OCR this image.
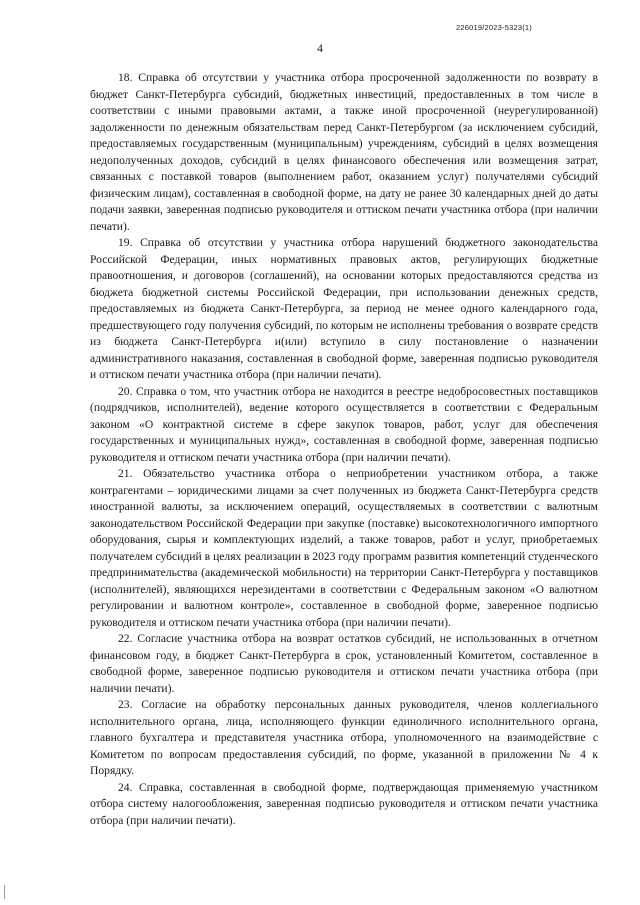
226019/2023-5323(1)
4

18. Справка об отсутствии у участника отбора просроченной задолженности по возврату в бюджет Санкт-Петербурга субсидий, бюджетных инвестиций, предоставленных в том числе в соответствии с иными правовыми актами, а также иной просроченной (неурегулированной) задолженности по денежным обязательствам перед Санкт-Петербургом (за исключением субсидий, предоставляемых государственным (муниципальным) учреждениям, субсидий в целях возмещения недополученных доходов, субсидий в целях финансового обеспечения или возмещения затрат, связанных с поставкой товаров (выполнением работ, оказанием услуг) получателями субсидий физическим лицам), составленная в свободной форме, на дату не ранее 30 календарных дней до даты подачи заявки, заверенная подписью руководителя и оттиском печати участника отбора (при наличии печати).

19. Справка об отсутствии у участника отбора нарушений бюджетного законодательства Российской Федерации, иных нормативных правовых актов, регулирующих бюджетные правоотношения, и договоров (соглашений), на основании которых предоставляются средства из бюджета бюджетной системы Российской Федерации, при использовании денежных средств, предоставляемых из бюджета Санкт-Петербурга, за период не менее одного календарного года, предшествующего году получения субсидий, по которым не исполнены требования о возврате средств из бюджета Санкт-Петербурга и(или) вступило в силу постановление о назначении административного наказания, составленная в свободной форме, заверенная подписью руководителя и оттиском печати участника отбора (при наличии печати).

20. Справка о том, что участник отбора не находится в реестре недобросовестных поставщиков (подрядчиков, исполнителей), ведение которого осуществляется в соответствии с Федеральным законом «О контрактной системе в сфере закупок товаров, работ, услуг для обеспечения государственных и муниципальных нужд», составленная в свободной форме, заверенная подписью руководителя и оттиском печати участника отбора (при наличии печати).

21. Обязательство участника отбора о неприобретении участником отбора, а также контрагентами – юридическими лицами за счет полученных из бюджета Санкт-Петербурга средств иностранной валюты, за исключением операций, осуществляемых в соответствии с валютным законодательством Российской Федерации при закупке (поставке) высокотехнологичного импортного оборудования, сырья и комплектующих изделий, а также товаров, работ и услуг, приобретаемых получателем субсидий в целях реализации в 2023 году программ развития компетенций студенческого предпринимательства (академической мобильности) на территории Санкт-Петербурга у поставщиков (исполнителей), являющихся нерезидентами в соответствии с Федеральным законом «О валютном регулировании и валютном контроле», составленное в свободной форме, заверенное подписью руководителя и оттиском печати участника отбора (при наличии печати).

22. Согласие участника отбора на возврат остатков субсидий, не использованных в отчетном финансовом году, в бюджет Санкт-Петербурга в срок, установленный Комитетом, составленное в свободной форме, заверенное подписью руководителя и оттиском печати участника отбора (при наличии печати).

23. Согласие на обработку персональных данных руководителя, членов коллегиального исполнительного органа, лица, исполняющего функции единоличного исполнительного органа, главного бухгалтера и представителя участника отбора, уполномоченного на взаимодействие с Комитетом по вопросам предоставления субсидий, по форме, указанной в приложении № 4 к Порядку.

24. Справка, составленная в свободной форме, подтверждающая применяемую участником отбора систему налогообложения, заверенная подписью руководителя и оттиском печати участника отбора (при наличии печати).
